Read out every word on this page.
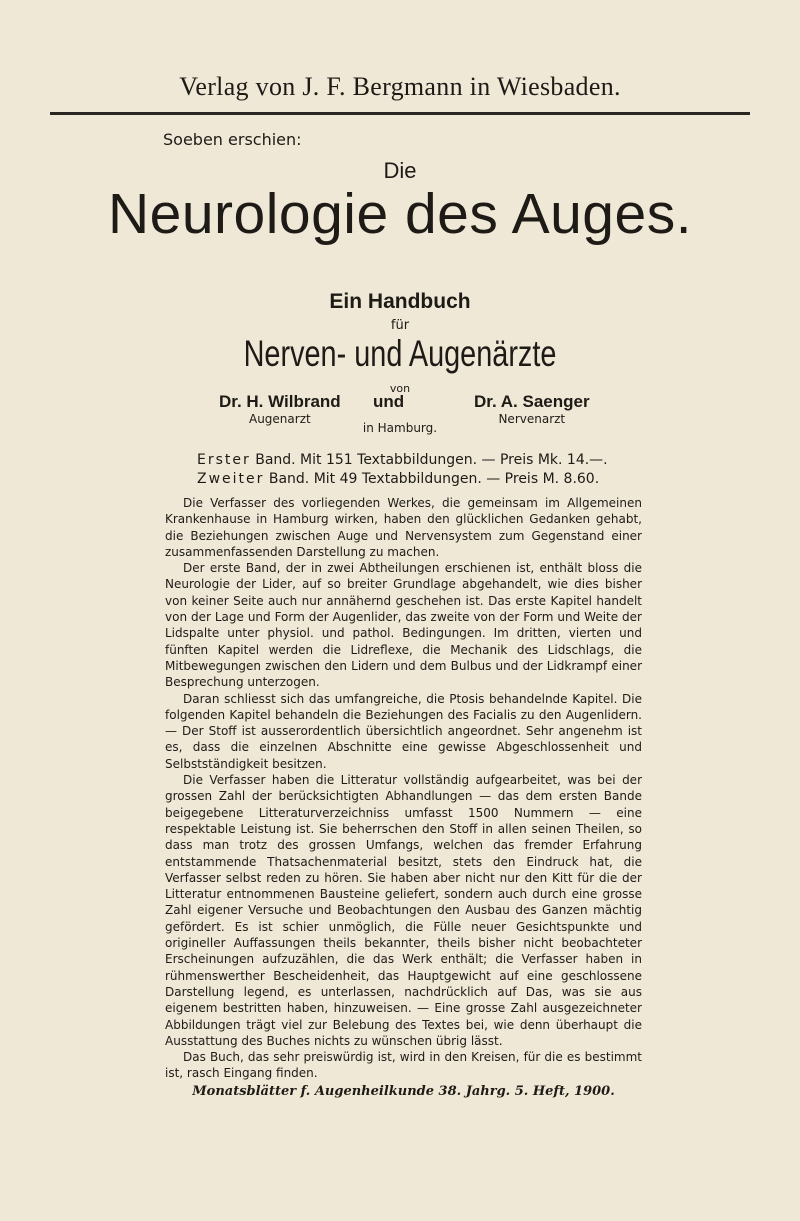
Verlag von J. F. Bergmann in Wiesbaden.
Soeben erschien:
Die
Neurologie des Auges.
Ein Handbuch
für
Nerven- und Augenärzte
von
Dr. H. Wilbrand
Augenarzt
und	Dr. A. Saenger
Nervenarzt
in Hamburg.
Erster Band. Mit 151 Textabbildungen. — Preis Mk. 14.—.
Zweiter Band. Mit 49 Textabbildungen. — Preis M. 8.60.

Die Verfasser des vorliegenden Werkes, die gemeinsam im Allgemeinen Krankenhause in Hamburg wirken, haben den glücklichen Gedanken gehabt, die Beziehungen zwischen Auge und Nervensystem zum Gegenstand einer zusammenfassenden Darstellung zu machen.

Der erste Band, der in zwei Abtheilungen erschienen ist, enthält bloss die Neurologie der Lider, auf so breiter Grundlage abgehandelt, wie dies bisher von keiner Seite auch nur annähernd geschehen ist. Das erste Kapitel handelt von der Lage und Form der Augenlider, das zweite von der Form und Weite der Lidspalte unter physiol. und pathol. Bedingungen. Im dritten, vierten und fünften Kapitel werden die Lidreflexe, die Mechanik des Lidschlags, die Mitbewegungen zwischen den Lidern und dem Bulbus und der Lidkrampf einer Besprechung unterzogen.

Daran schliesst sich das umfangreiche, die Ptosis behandelnde Kapitel. Die folgenden Kapitel behandeln die Beziehungen des Facialis zu den Augenlidern. — Der Stoff ist ausserordentlich übersichtlich angeordnet. Sehr angenehm ist es, dass die einzelnen Abschnitte eine gewisse Abgeschlossenheit und Selbstständigkeit besitzen.

Die Verfasser haben die Litteratur vollständig aufgearbeitet, was bei der grossen Zahl der berücksichtigten Abhandlungen — das dem ersten Bande beigegebene Litteraturverzeichniss umfasst 1500 Nummern — eine respektable Leistung ist. Sie beherrschen den Stoff in allen seinen Theilen, so dass man trotz des grossen Umfangs, welchen das fremder Erfahrung entstammende Thatsachenmaterial besitzt, stets den Eindruck hat, die Verfasser selbst reden zu hören. Sie haben aber nicht nur den Kitt für die der Litteratur entnommenen Bausteine geliefert, sondern auch durch eine grosse Zahl eigener Versuche und Beobachtungen den Ausbau des Ganzen mächtig gefördert. Es ist schier unmöglich, die Fülle neuer Gesichtspunkte und origineller Auffassungen theils bekannter, theils bisher nicht beobachteter Erscheinungen aufzuzählen, die das Werk enthält; die Verfasser haben in rühmenswerther Bescheidenheit, das Hauptgewicht auf eine geschlossene Darstellung legend, es unterlassen, nachdrücklich auf Das, was sie aus eigenem bestritten haben, hinzuweisen. — Eine grosse Zahl ausgezeichneter Abbildungen trägt viel zur Belebung des Textes bei, wie denn überhaupt die Ausstattung des Buches nichts zu wünschen übrig lässt.

Das Buch, das sehr preiswürdig ist, wird in den Kreisen, für die es bestimmt ist, rasch Eingang finden.

Monatsblätter f. Augenheilkunde 38. Jahrg. 5. Heft, 1900.
